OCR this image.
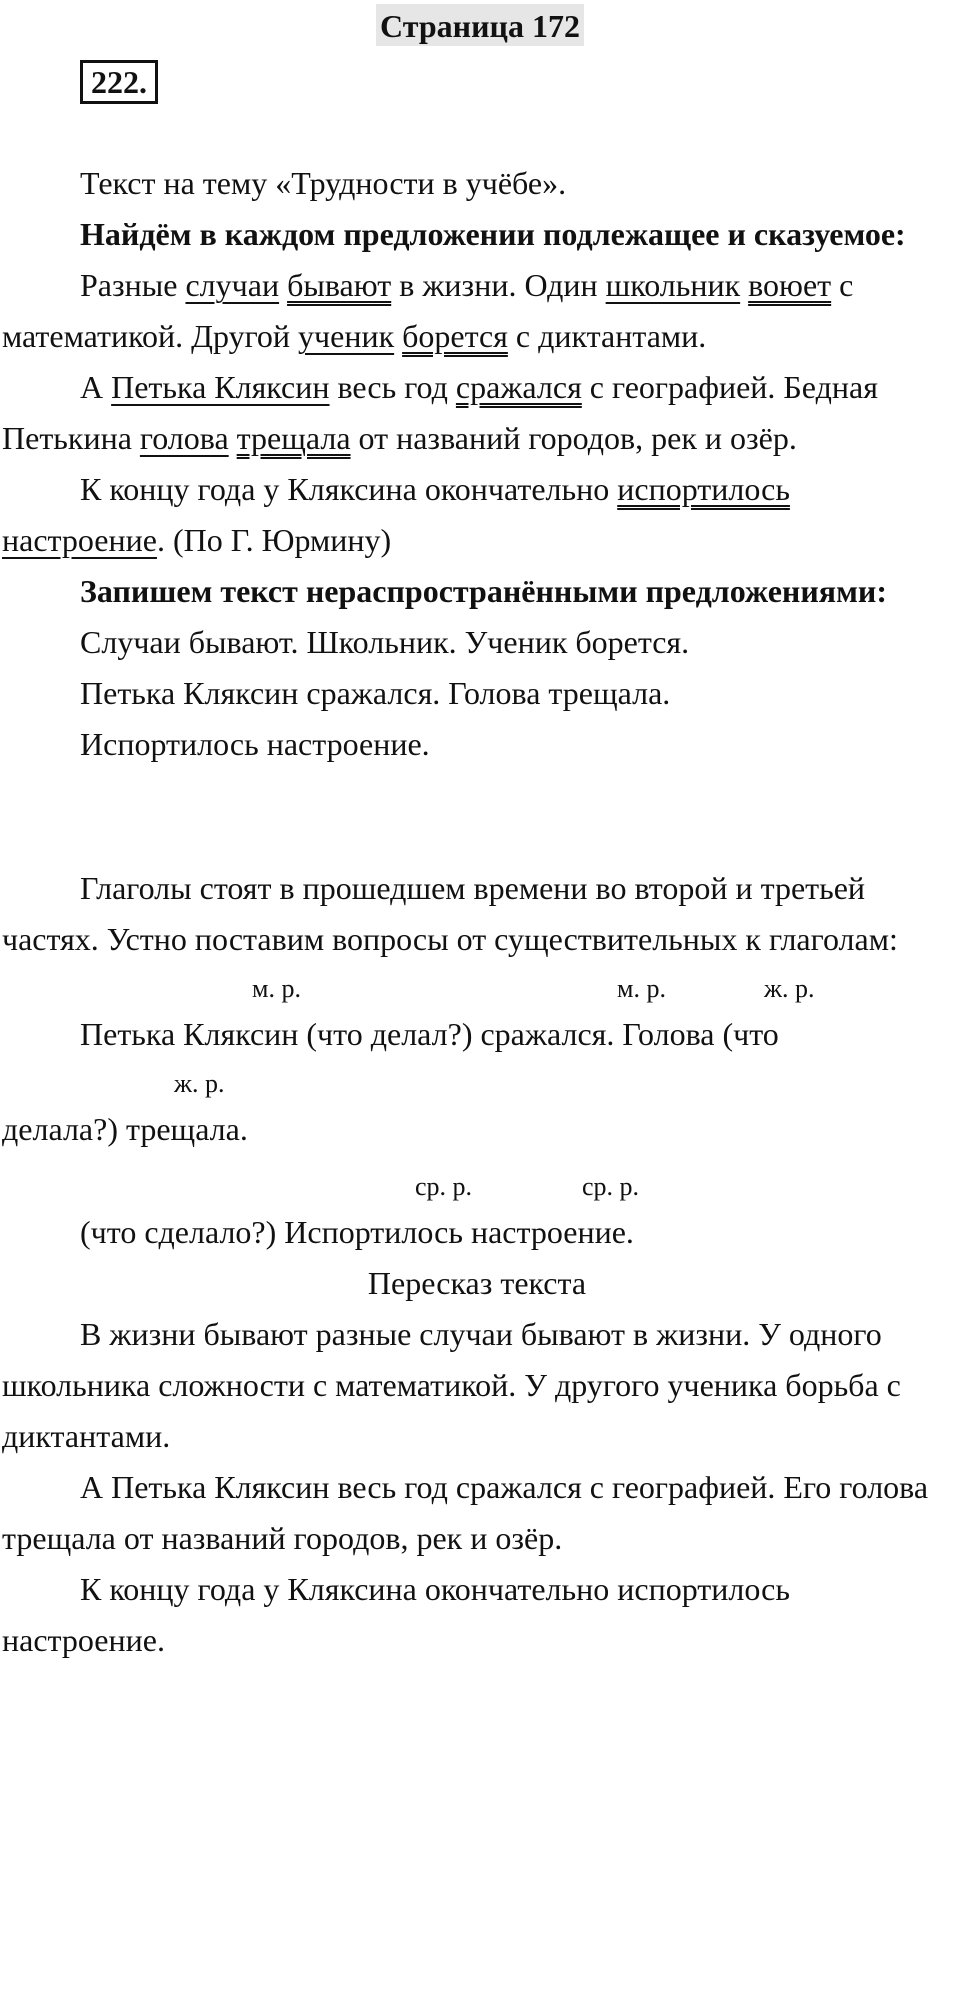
Страница 172
222.

Текст на тему «Трудности в учёбе».

Найдём в каждом предложении подлежащее и сказуемое:

Разные случаи бывают в жизни. Один школьник воюет с математикой. Другой ученик борется с диктантами.

А Петька Кляксин весь год сражался с географией. Бедная Петькина голова трещала от названий городов, рек и озёр.

К концу года у Кляксина окончательно испортилось настроение. (По Г. Юрмину)

Запишем текст нераспространёнными предложениями:

Случаи бывают. Школьник. Ученик борется.

Петька Кляксин сражался. Голова трещала.

Испортилось настроение.

Глаголы стоят в прошедшем времени во второй и третьей частях. Устно поставим вопросы от существительных к глаголам:

м. р.	м. р.	ж. р.

Петька Кляксин (что делал?) сражался. Голова (что

ж. р.

делала?) трещала.

ср. р.	ср. р.

(что сделало?) Испортилось настроение.

Пересказ текста

В жизни бывают разные случаи бывают в жизни. У одного школьника сложности с математикой. У другого ученика борьба с диктантами.

А Петька Кляксин весь год сражался с географией. Его голова трещала от названий городов, рек и озёр.

К концу года у Кляксина окончательно испортилось настроение.
